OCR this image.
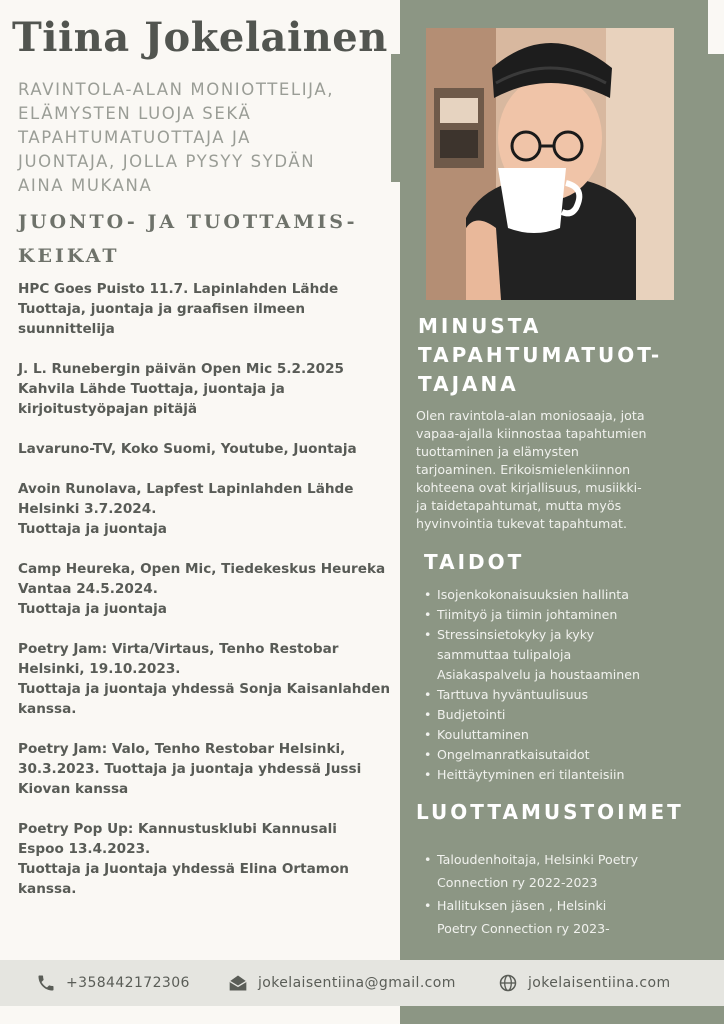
Tiina Jokelainen
RAVINTOLA-ALAN MONIOTTELIJA,
ELÄMYSTEN LUOJA SEKÄ
TAPAHTUMATUOTTAJA JA
JUONTAJA, JOLLA PYSYY SYDÄN
AINA MUKANA
JUONTO- JA TUOTTAMIS-
KEIKAT
HPC Goes Puisto 11.7. Lapinlahden Lähde
Tuottaja, juontaja ja graafisen ilmeen
suunnittelija
J. L. Runebergin päivän Open Mic 5.2.2025
Kahvila Lähde Tuottaja, juontaja ja
kirjoitustyöpajan pitäjä
Lavaruno-TV, Koko Suomi, Youtube, Juontaja
Avoin Runolava, Lapfest Lapinlahden Lähde
Helsinki 3.7.2024.
Tuottaja ja juontaja
Camp Heureka, Open Mic, Tiedekeskus Heureka
Vantaa 24.5.2024.
Tuottaja ja juontaja
Poetry Jam: Virta/Virtaus, Tenho Restobar
Helsinki, 19.10.2023.
Tuottaja ja juontaja yhdessä Sonja Kaisanlahden
kanssa.
Poetry Jam: Valo, Tenho Restobar Helsinki,
30.3.2023. Tuottaja ja juontaja yhdessä Jussi
Kiovan kanssa
Poetry Pop Up: Kannustusklubi Kannusali
Espoo 13.4.2023.
Tuottaja ja Juontaja yhdessä Elina Ortamon
kanssa.
MINUSTA
TAPAHTUMATUOT-
TAJANA
Olen ravintola-alan moniosaaja, jota
vapaa-ajalla kiinnostaa tapahtumien
tuottaminen ja elämysten
tarjoaminen. Erikoismielenkiinnon
kohteena ovat kirjallisuus, musiikki-
ja taidetapahtumat, mutta myös
hyvinvointia tukevat tapahtumat.
TAIDOT
• Isojenkokonaisuuksien hallinta
• Tiimityö ja tiimin johtaminen
• Stressinsietokyky ja kyky
sammuttaa tulipaloja
Asiakaspalvelu ja houstaaminen
• Tarttuva hyväntuulisuus
• Budjetointi
• Kouluttaminen
• Ongelmanratkaisutaidot
• Heittäytyminen eri tilanteisiin
LUOTTAMUSTOIMET
• Taloudenhoitaja, Helsinki Poetry
Connection ry 2022-2023
• Hallituksen jäsen , Helsinki
Poetry Connection ry 2023-
+358442172306	jokelaisentiina@gmail.com	jokelaisentiina.com
